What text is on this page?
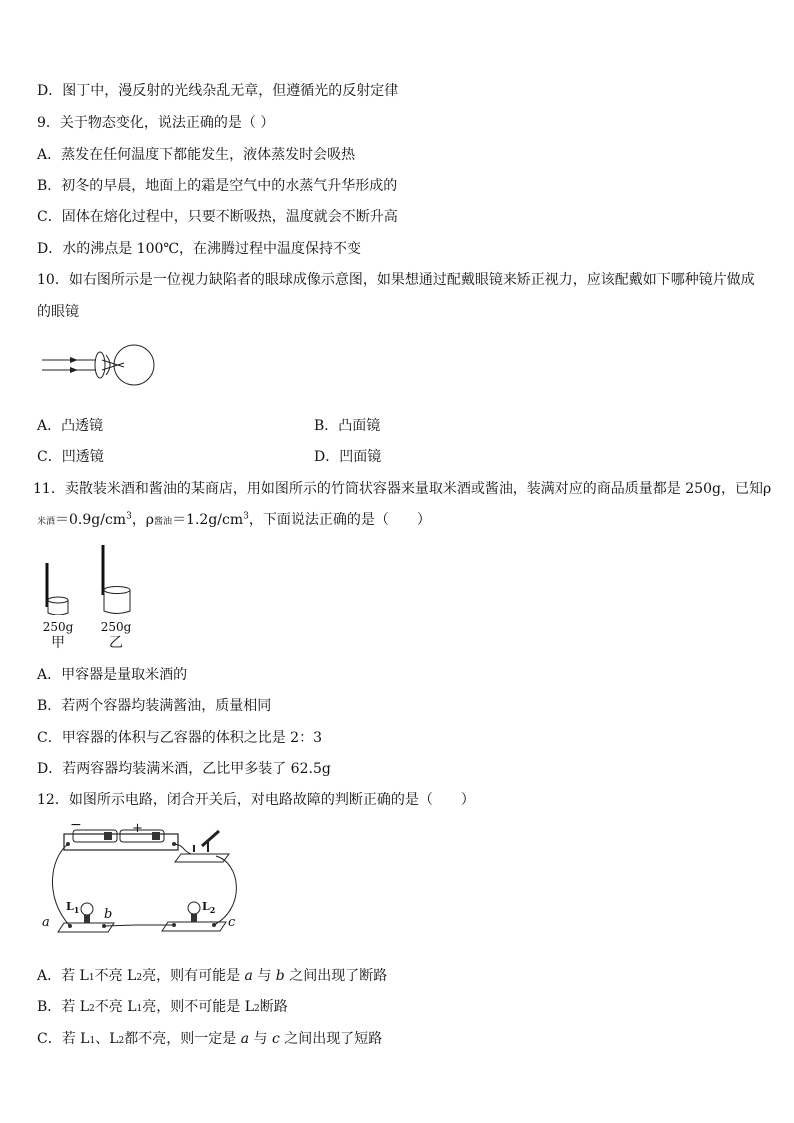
D．图丁中，漫反射的光线杂乱无章，但遵循光的反射定律
9．关于物态变化，说法正确的是（ ）
A．蒸发在任何温度下都能发生，液体蒸发时会吸热
B．初冬的早晨，地面上的霜是空气中的水蒸气升华形成的
C．固体在熔化过程中，只要不断吸热，温度就会不断升高
D．水的沸点是 100℃，在沸腾过程中温度保持不变
10．如右图所示是一位视力缺陷者的眼球成像示意图，如果想通过配戴眼镜来矫正视力，应该配戴如下哪种镜片做成
的眼镜
A．凸透镜	B．凸面镜
C．凹透镜	D．凹面镜
11．卖散装米酒和酱油的某商店，用如图所示的竹筒状容器来量取米酒或酱油，装满对应的商品质量都是 250g，已知ρ
米酒$=0.9g/cm^3$，ρ酱油$=1.2g/cm^3$，下面说法正确的是（　　）
250g 250g
甲	乙
A．甲容器是量取米酒的
B．若两个容器均装满酱油，质量相同
C．甲容器的体积与乙容器的体积之比是 2：3
D．若两容器均装满米酒，乙比甲多装了 62.5g
12．如图所示电路，闭合开关后，对电路故障的判断正确的是（　　）
−	+
a
b
c
$L_1$	$L_2$
A．若 L1不亮 L2亮，则有可能是 a 与 b 之间出现了断路
B．若 L2不亮 L1亮，则不可能是 L2断路
C．若 L1、L2都不亮，则一定是 a 与 c 之间出现了短路
